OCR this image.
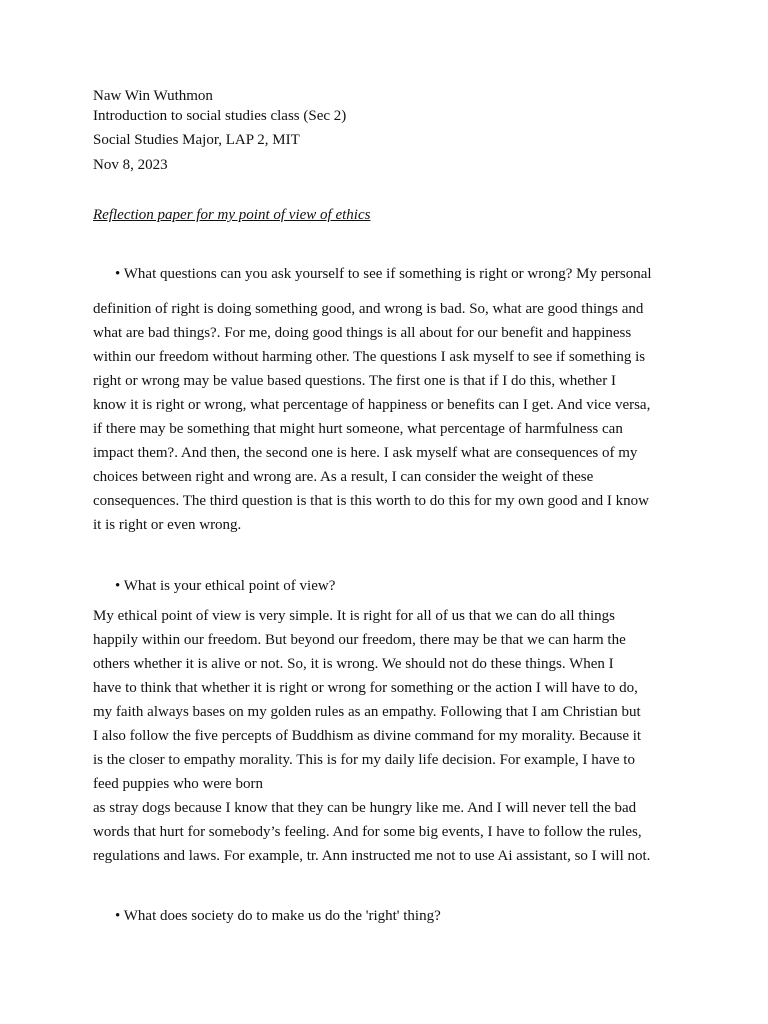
Naw Win Wuthmon
Introduction to social studies class (Sec 2)
Social Studies Major, LAP 2, MIT
Nov 8, 2023
Reflection paper for my point of view of ethics
• What questions can you ask yourself to see if something is right or wrong? My personal
definition of right is doing something good, and wrong is bad. So, what are good things and
what are bad things?. For me, doing good things is all about for our benefit and happiness
within our freedom without harming other. The questions I ask myself to see if something is
right or wrong may be value based questions. The first one is that if I do this, whether I
know it is right or wrong, what percentage of happiness or benefits can I get. And vice versa,
if there may be something that might hurt someone, what percentage of harmfulness can
impact them?. And then, the second one is here. I ask myself what are consequences of my
choices between right and wrong are. As a result, I can consider the weight of these
consequences. The third question is that is this worth to do this for my own good and I know
it is right or even wrong.
• What is your ethical point of view?
My ethical point of view is very simple. It is right for all of us that we can do all things
happily within our freedom. But beyond our freedom, there may be that we can harm the
others whether it is alive or not. So, it is wrong. We should not do these things. When I
have to think that whether it is right or wrong for something or the action I will have to do,
my faith always bases on my golden rules as an empathy. Following that I am Christian but
I also follow the five percepts of Buddhism as divine command for my morality. Because it
is the closer to empathy morality. This is for my daily life decision. For example, I have to
feed puppies who were born
as stray dogs because I know that they can be hungry like me. And I will never tell the bad
words that hurt for somebody’s feeling. And for some big events, I have to follow the rules,
regulations and laws. For example, tr. Ann instructed me not to use Ai assistant, so I will not.
• What does society do to make us do the 'right' thing?
